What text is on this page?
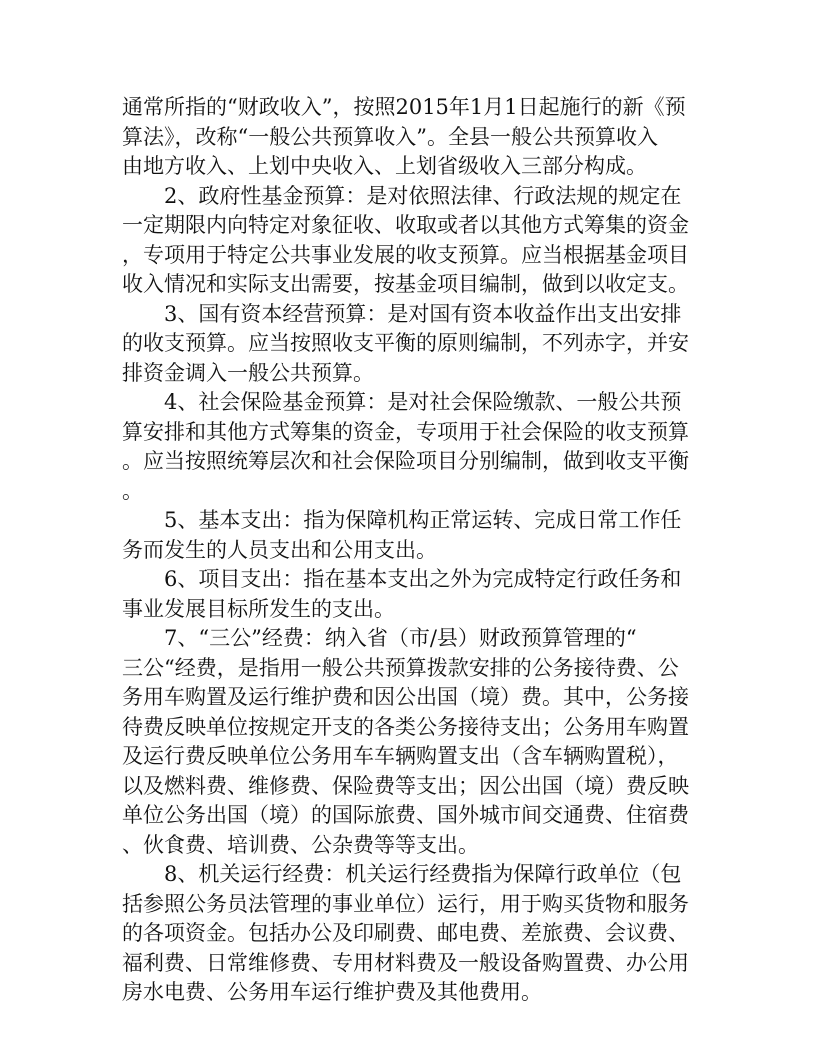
通常所指的“财政收入”，按照2015年1月1日起施行的新《预
算法》，改称“一般公共预算收入”。全县一般公共预算收入
由地方收入、上划中央收入、上划省级收入三部分构成。
2、政府性基金预算：是对依照法律、行政法规的规定在
一定期限内向特定对象征收、收取或者以其他方式筹集的资金
，专项用于特定公共事业发展的收支预算。应当根据基金项目
收入情况和实际支出需要，按基金项目编制，做到以收定支。
3、国有资本经营预算：是对国有资本收益作出支出安排
的收支预算。应当按照收支平衡的原则编制，不列赤字，并安
排资金调入一般公共预算。
4、社会保险基金预算：是对社会保险缴款、一般公共预
算安排和其他方式筹集的资金，专项用于社会保险的收支预算
。应当按照统筹层次和社会保险项目分别编制，做到收支平衡
。
5、基本支出：指为保障机构正常运转、完成日常工作任
务而发生的人员支出和公用支出。
6、项目支出：指在基本支出之外为完成特定行政任务和
事业发展目标所发生的支出。
7、“三公”经费：纳入省（市/县）财政预算管理的“
三公“经费，是指用一般公共预算拨款安排的公务接待费、公
务用车购置及运行维护费和因公出国（境）费。其中，公务接
待费反映单位按规定开支的各类公务接待支出；公务用车购置
及运行费反映单位公务用车车辆购置支出（含车辆购置税），
以及燃料费、维修费、保险费等支出；因公出国（境）费反映
单位公务出国（境）的国际旅费、国外城市间交通费、住宿费
、伙食费、培训费、公杂费等等支出。
8、机关运行经费：机关运行经费指为保障行政单位（包
括参照公务员法管理的事业单位）运行，用于购买货物和服务
的各项资金。包括办公及印刷费、邮电费、差旅费、会议费、
福利费、日常维修费、专用材料费及一般设备购置费、办公用
房水电费、公务用车运行维护费及其他费用。
